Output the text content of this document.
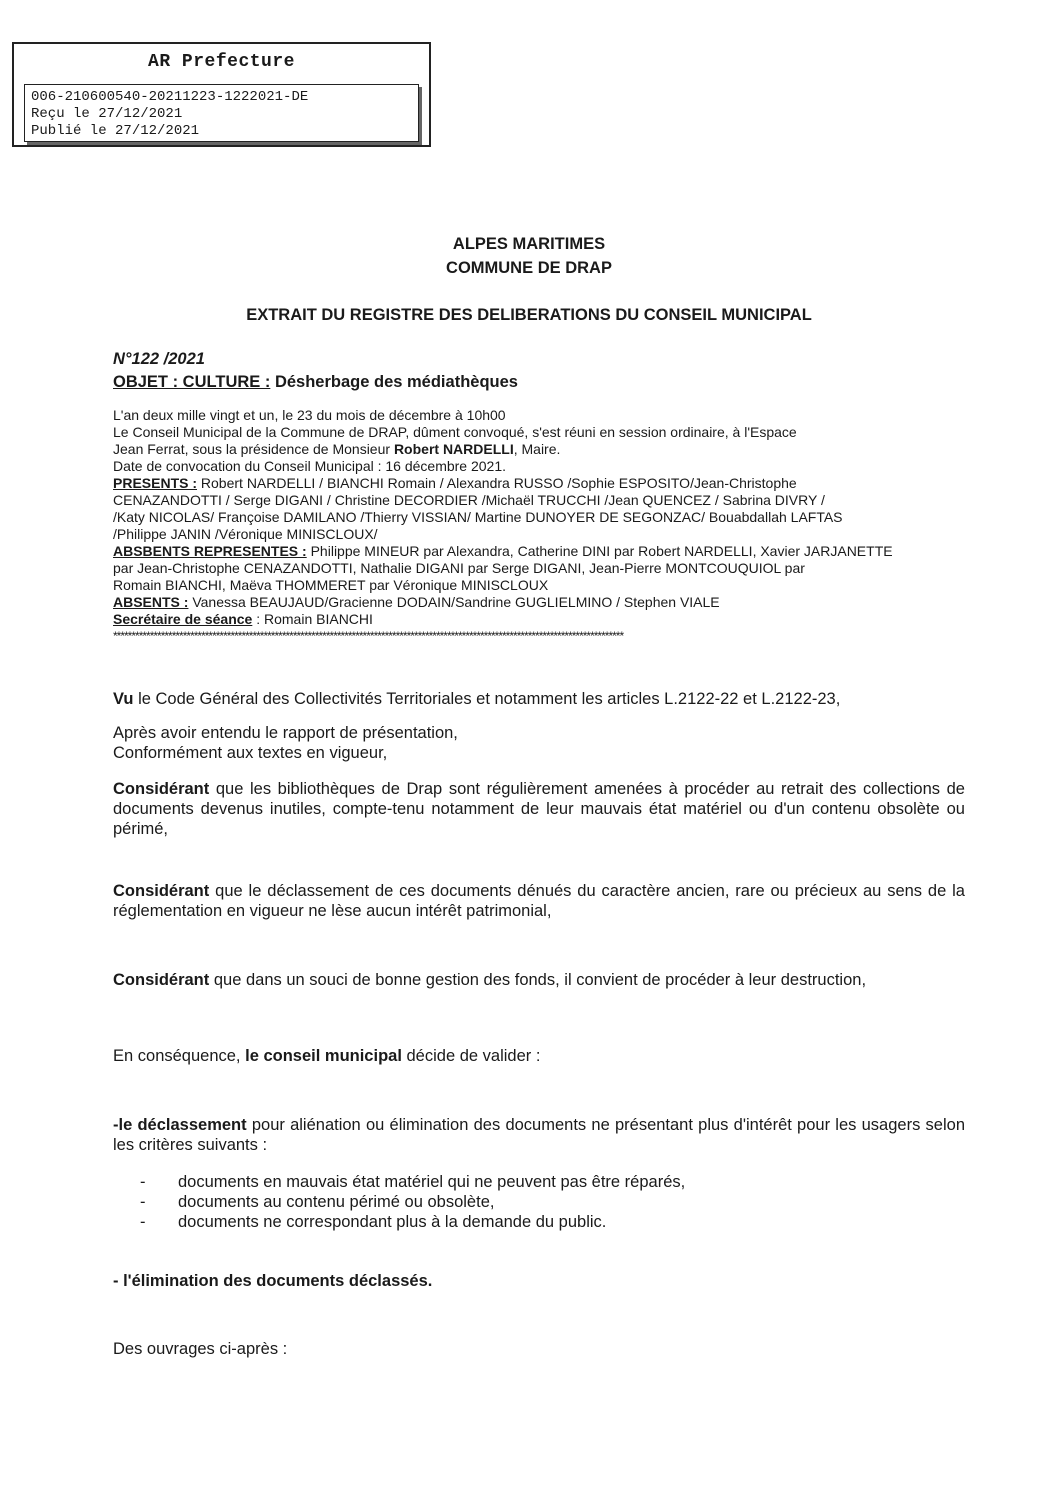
AR Prefecture
006-210600540-20211223-1222021-DE
Reçu le 27/12/2021
Publié le 27/12/2021
ALPES MARITIMES
COMMUNE DE DRAP
EXTRAIT DU REGISTRE DES DELIBERATIONS DU CONSEIL MUNICIPAL
N°122 /2021
OBJET : CULTURE : Désherbage des médiathèques
L'an deux mille vingt et un, le 23 du mois de décembre à 10h00
Le Conseil Municipal de la Commune de DRAP, dûment convoqué, s'est réuni en session ordinaire, à l'Espace
Jean Ferrat, sous la présidence de Monsieur Robert NARDELLI, Maire.
Date de convocation du Conseil Municipal : 16 décembre 2021.
PRESENTS : Robert NARDELLI / BIANCHI Romain / Alexandra RUSSO /Sophie ESPOSITO/Jean-Christophe
CENAZANDOTTI / Serge DIGANI / Christine DECORDIER /Michaël TRUCCHI /Jean QUENCEZ / Sabrina DIVRY /
/Katy NICOLAS/ Françoise DAMILANO /Thierry VISSIAN/ Martine DUNOYER DE SEGONZAC/ Bouabdallah LAFTAS
/Philippe JANIN /Véronique MINISCLOUX/
ABSBENTS REPRESENTES : Philippe MINEUR par Alexandra, Catherine DINI par Robert NARDELLI, Xavier JARJANETTE
par Jean-Christophe CENAZANDOTTI, Nathalie DIGANI par Serge DIGANI, Jean-Pierre MONTCOUQUIOL par
Romain BIANCHI, Maëva THOMMERET par Véronique MINISCLOUX
ABSENTS : Vanessa BEAUJAUD/Gracienne DODAIN/Sandrine GUGLIELMINO / Stephen VIALE
Secrétaire de séance : Romain BIANCHI
*******************************************************************************************************************************************
Vu le Code Général des Collectivités Territoriales et notamment les articles L.2122-22 et L.2122-23,
Après avoir entendu le rapport de présentation,
Conformément aux textes en vigueur,
Considérant que les bibliothèques de Drap sont régulièrement amenées à procéder au retrait des collections de documents devenus inutiles, compte-tenu notamment de leur mauvais état matériel ou d'un contenu obsolète ou périmé,
Considérant que le déclassement de ces documents dénués du caractère ancien, rare ou précieux au sens de la réglementation en vigueur ne lèse aucun intérêt patrimonial,
Considérant que dans un souci de bonne gestion des fonds, il convient de procéder à leur destruction,
En conséquence, le conseil municipal décide de valider :
-le déclassement pour aliénation ou élimination des documents ne présentant plus d'intérêt pour les usagers selon les critères suivants :
- documents en mauvais état matériel qui ne peuvent pas être réparés,
- documents au contenu périmé ou obsolète,
- documents ne correspondant plus à la demande du public.
- l'élimination des documents déclassés.
Des ouvrages ci-après :
